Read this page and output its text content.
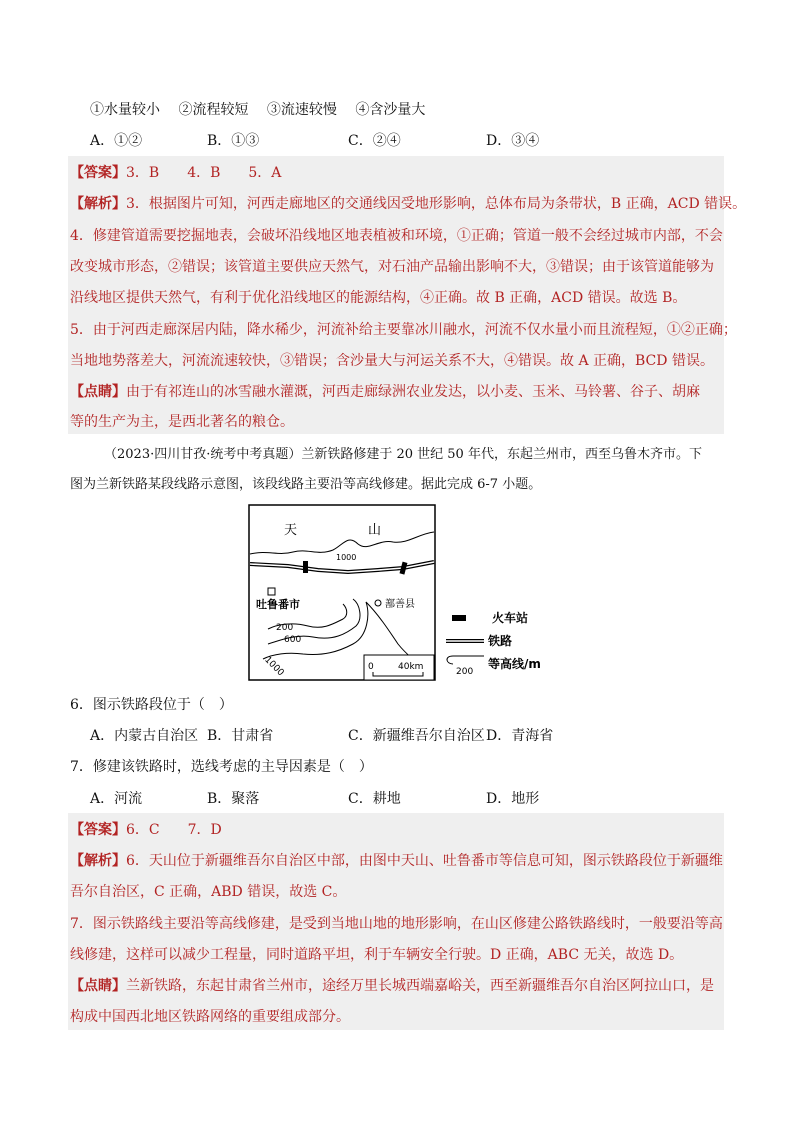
①水量较小　 ②流程较短　 ③流速较慢　 ④含沙量大
A．①②	B．①③	C．②④	D．③④
【答案】3．B　　4．B　　5．A
【解析】3．根据图片可知，河西走廊地区的交通线因受地形影响，总体布局为条带状，B 正确，ACD 错误。
4．修建管道需要挖掘地表，会破坏沿线地区地表植被和环境，①正确；管道一般不会经过城市内部，不会
改变城市形态，②错误；该管道主要供应天然气，对石油产品输出影响不大，③错误；由于该管道能够为
沿线地区提供天然气，有利于优化沿线地区的能源结构，④正确。故 B 正确，ACD 错误。故选 B。
5．由于河西走廊深居内陆，降水稀少，河流补给主要靠冰川融水，河流不仅水量小而且流程短，①②正确；
当地地势落差大，河流流速较快，③错误；含沙量大与河运关系不大，④错误。故 A 正确，BCD 错误。
【点睛】由于有祁连山的冰雪融水灌溉，河西走廊绿洲农业发达，以小麦、玉米、马铃薯、谷子、胡麻
等的生产为主，是西北著名的粮仓。
（2023·四川甘孜·统考中考真题）兰新铁路修建于 20 世纪 50 年代，东起兰州市，西至乌鲁木齐市。下
图为兰新铁路某段线路示意图，该段线路主要沿等高线修建。据此完成 6-7 小题。
天	山
1000
吐鲁番市	鄯善县
200
600
1000	0	40km
火车站
铁路
200
等高线/m
6．图示铁路段位于（　）
A．内蒙古自治区 B．甘肃省	C．新疆维吾尔自治区 D．青海省
7．修建该铁路时，选线考虑的主导因素是（　）
A．河流	B．聚落	C．耕地	D．地形
【答案】6．C　　7．D
【解析】6．天山位于新疆维吾尔自治区中部，由图中天山、吐鲁番市等信息可知，图示铁路段位于新疆维
吾尔自治区，C 正确，ABD 错误，故选 C。
7．图示铁路线主要沿等高线修建，是受到当地山地的地形影响，在山区修建公路铁路线时，一般要沿等高
线修建，这样可以减少工程量，同时道路平坦，利于车辆安全行驶。D 正确，ABC 无关，故选 D。
【点睛】兰新铁路，东起甘肃省兰州市，途经万里长城西端嘉峪关，西至新疆维吾尔自治区阿拉山口，是
构成中国西北地区铁路网络的重要组成部分。
